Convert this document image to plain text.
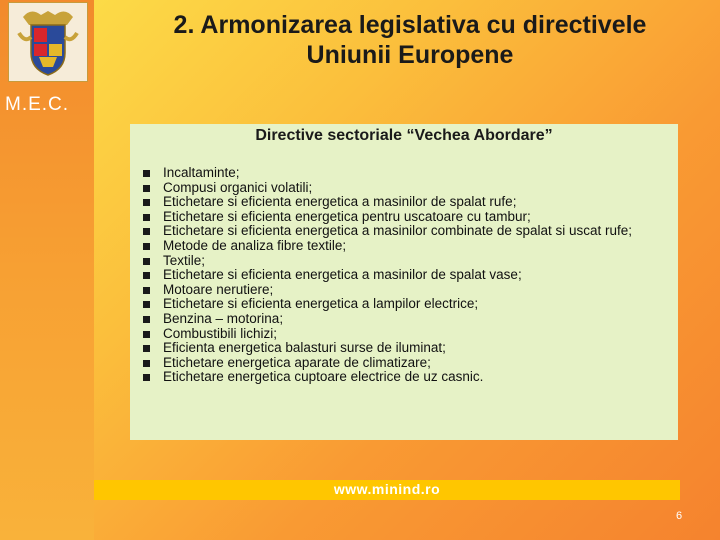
M.E.C.
2. Armonizarea legislativa cu directivele
Uniunii Europene
Directive sectoriale “Vechea Abordare”
Incaltaminte;
Compusi organici volatili;
Etichetare si eficienta energetica a masinilor de spalat rufe;
Etichetare si eficienta energetica pentru uscatoare cu tambur;
Etichetare si eficienta energetica a masinilor combinate de spalat si uscat rufe;
Metode de analiza fibre textile;
Textile;
Etichetare si eficienta energetica a masinilor de spalat vase;
Motoare nerutiere;
Etichetare si eficienta energetica a lampilor electrice;
Benzina – motorina;
Combustibili lichizi;
Eficienta energetica balasturi surse de iluminat;
Etichetare energetica aparate de climatizare;
Etichetare energetica cuptoare electrice de uz casnic.
www.minind.ro
6
